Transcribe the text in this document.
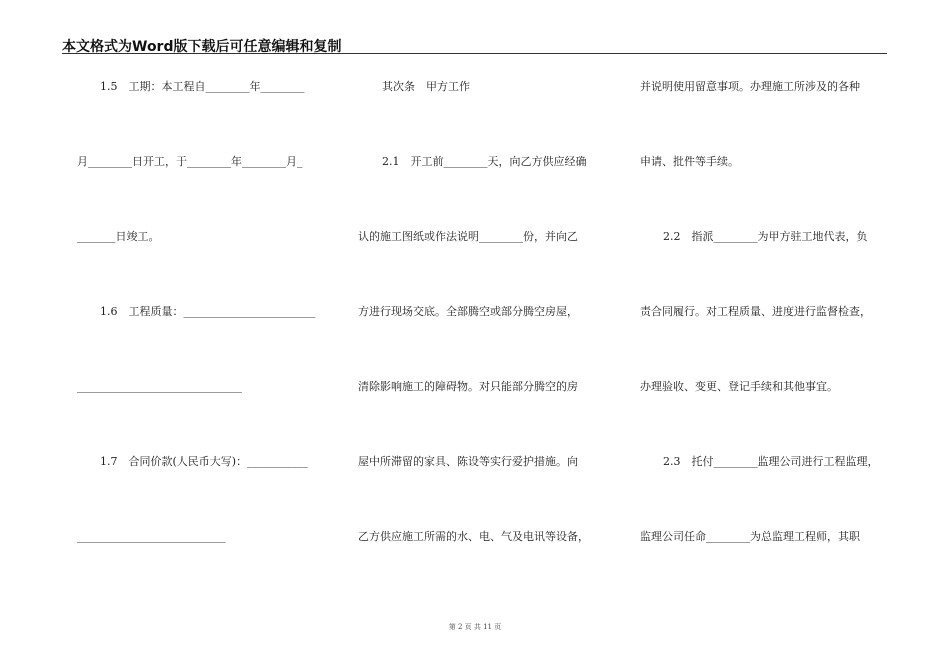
本文格式为Word版下载后可任意编辑和复制
1.5　工期：本工程自________年________
月________日开工，于________年________月_
_______日竣工。
1.6　工程质量：________________________
______________________________
1.7　合同价款(人民币大写)：___________
___________________________
其次条　甲方工作
2.1　开工前________天，向乙方供应经确
认的施工图纸或作法说明________份，并向乙
方进行现场交底。全部腾空或部分腾空房屋，
清除影响施工的障碍物。对只能部分腾空的房
屋中所滞留的家具、陈设等实行爱护措施。向
乙方供应施工所需的水、电、气及电讯等设备，
并说明使用留意事项。办理施工所涉及的各种
申请、批件等手续。
2.2　指派________为甲方驻工地代表，负
责合同履行。对工程质量、进度进行监督检查，
办理验收、变更、登记手续和其他事宜。
2.3　托付________监理公司进行工程监理，
监理公司任命________为总监理工程师，其职
第 2 页 共 11 页
